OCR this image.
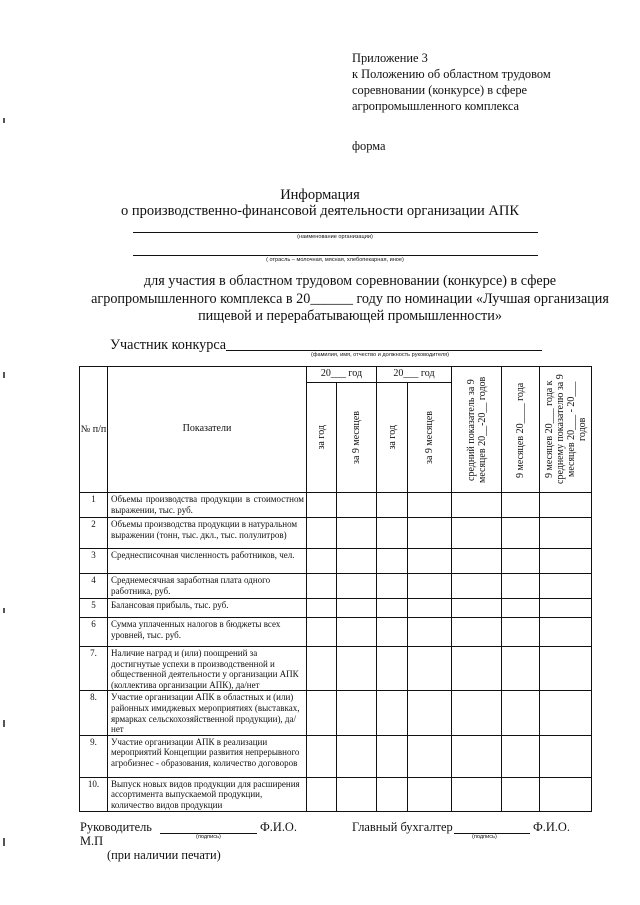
Приложение 3
к Положению об областном трудовом
соревновании (конкурсе) в сфере
агропромышленного комплекса
форма
Информация
о производственно-финансовой деятельности организации АПК
(наименование организации)
( отрасль – молочная, мясная, хлебопекарная, иное)
для участия в областном трудовом соревновании (конкурсе) в сфере
агропромышленного комплекса в 20______ году по номинации «Лучшая организация
пищевой и перерабатывающей промышленности»
Участник конкурса
(фамилия, имя, отчество и должность руководителя)
№ п/п	Показатели	20___ год		20___ год		средний показатель за 9 месяцев 20__-20__ годов	9 месяцев 20____ года	9 месяцев 20___ года к среднему показателю за 9 месяцев 20___ - 20___ годов

		за год	за 9 месяцев	за год	за 9 месяцев			

1	Объемы производства продукции в стоимостном выражении, тыс. руб.							
2	Объемы производства продукции в натуральном выражении (тонн, тыс. дкл., тыс. полулитров)							
3	Среднесписочная численность работников, чел.							
4	Среднемесячная заработная плата одного работника, руб.							
5	Балансовая прибыль, тыс. руб.							
6	Сумма уплаченных налогов в бюджеты всех уровней, тыс. руб.							
7.	Наличие наград и (или) поощрений за достигнутые успехи в производственной и общественной деятельности у организации АПК (коллектива организации АПК), да/нет							
8.	Участие организации АПК в областных и (или) районных имиджевых мероприятиях (выставках, ярмарках сельскохозяйственной продукции), да/нет							
9.	Участие организации АПК в реализации мероприятий Концепции развития непрерывного агробизнес - образования, количество договоров							
10.	Выпуск новых видов продукции для расширения ассортимента выпускаемой продукции, количество видов продукции							
Руководитель
(подпись)
Ф.И.О.	Главный бухгалтер
(подпись)
Ф.И.О.
М.П
(при наличии печати)
